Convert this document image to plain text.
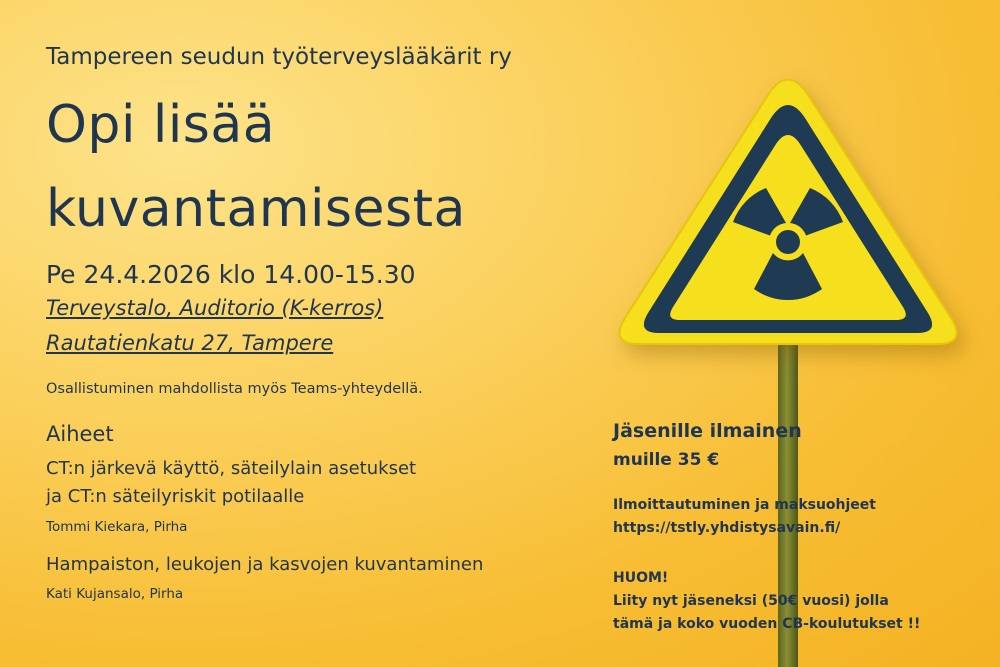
Tampereen seudun työterveyslääkärit ry

Opi lisää

kuvantamisesta

Pe 24.4.2026 klo 14.00-15.30

Terveystalo, Auditorio (K-kerros)

Rautatienkatu 27, Tampere

Osallistuminen mahdollista myös Teams-yhteydellä.

Aiheet

CT:n järkevä käyttö, säteilylain asetukset

ja CT:n säteilyriskit potilaalle

Tommi Kiekara, Pirha

Hampaiston, leukojen ja kasvojen kuvantaminen

Kati Kujansalo, Pirha

Jäsenille ilmainen

muille 35 €

Ilmoittautuminen ja maksuohjeet

https://tstly.yhdistysavain.fi/

HUOM!

Liity nyt jäseneksi (50€ vuosi) jolla

tämä ja koko vuoden CB-koulutukset !!
